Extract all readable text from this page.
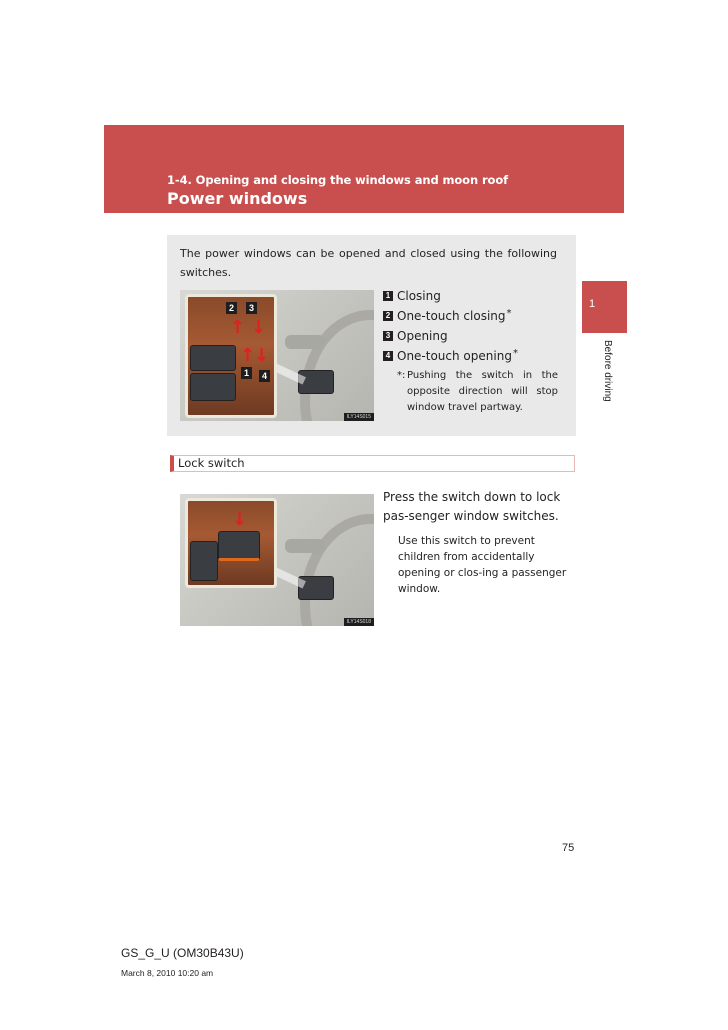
1-4. Opening and closing the windows and moon roof
Power windows
1
Before driving
The power windows can be opened and closed using the following switches.
2	3
1	4
↑ ↓
↑
↓
ILY14S015
1 Closing
2 One-touch closing*
3 Opening
4 One-touch opening*
*: Pushing the switch in the opposite direction will stop window travel partway.
Lock switch
↓
ILY14S018
Press the switch down to lock pas-senger window switches.
Use this switch to prevent children from accidentally opening or clos-ing a passenger window.
75
GS_G_U (OM30B43U)
March 8, 2010 10:20 am
